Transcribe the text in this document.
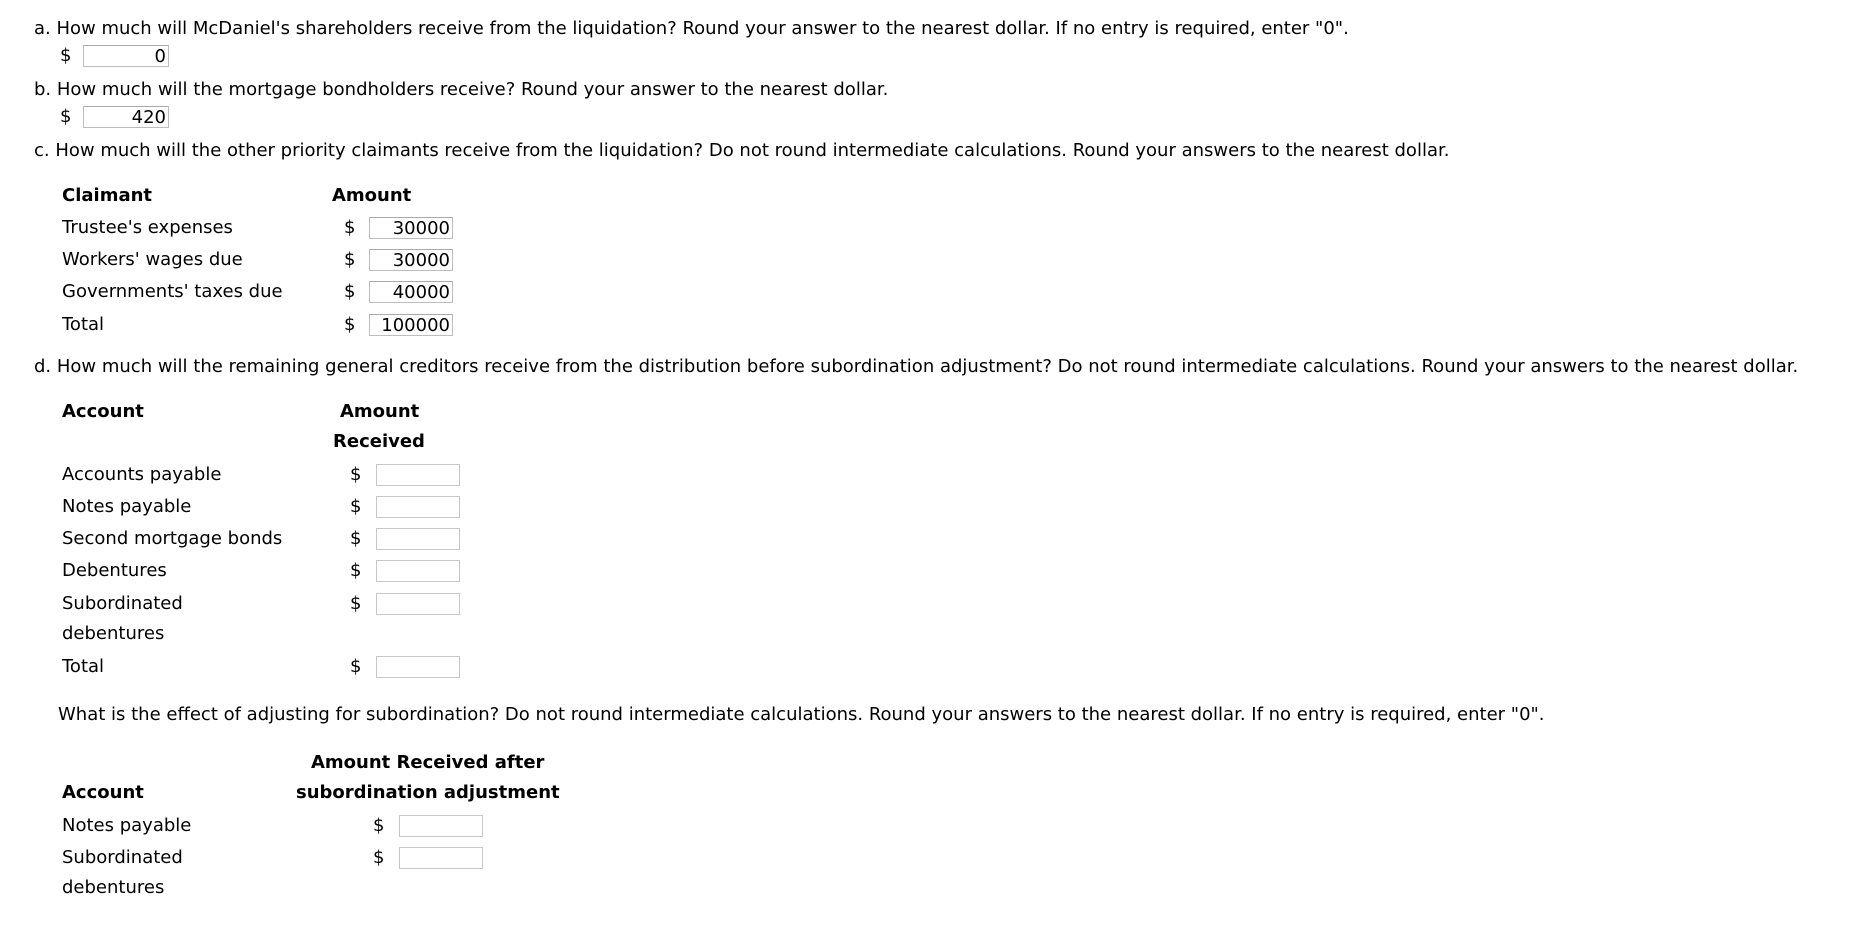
a. How much will McDaniel's shareholders receive from the liquidation? Round your answer to the nearest dollar. If no entry is required, enter "0".
$
0
b. How much will the mortgage bondholders receive? Round your answer to the nearest dollar.
$
420
c. How much will the other priority claimants receive from the liquidation? Do not round intermediate calculations. Round your answers to the nearest dollar.
Claimant	Amount
Trustee's expenses	$
30000
Workers' wages due	$
30000
Governments' taxes due	$
40000
Total	$
100000
d. How much will the remaining general creditors receive from the distribution before subordination adjustment? Do not round intermediate calculations. Round your answers to the nearest dollar.
Account	Amount
Received
Accounts payable	$
Notes payable	$
Second mortgage bonds	$
Debentures	$
Subordinated
debentures
$
Total	$
What is the effect of adjusting for subordination? Do not round intermediate calculations. Round your answers to the nearest dollar. If no entry is required, enter "0".
Amount Received after
subordination adjustment
Account
Notes payable	$
Subordinated
debentures
$
